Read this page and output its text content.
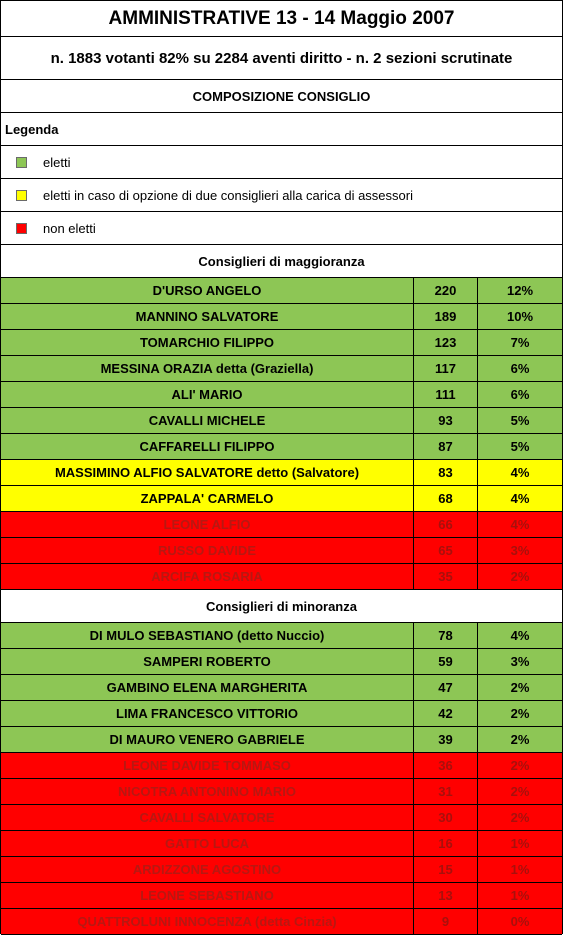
AMMINISTRATIVE 13 - 14 Maggio 2007
n. 1883 votanti 82% su 2284 aventi diritto - n. 2 sezioni scrutinate
COMPOSIZIONE CONSIGLIO
Legenda
eletti
eletti in caso di opzione di due consiglieri alla carica di assessori
non eletti
Consiglieri di maggioranza
D'URSO ANGELO	220	12%
MANNINO SALVATORE	189	10%
TOMARCHIO FILIPPO	123	7%
MESSINA ORAZIA detta (Graziella)	117	6%
ALI' MARIO	111	6%
CAVALLI MICHELE	93	5%
CAFFARELLI FILIPPO	87	5%
MASSIMINO ALFIO SALVATORE detto (Salvatore)	83	4%
ZAPPALA' CARMELO	68	4%
LEONE ALFIO	66	4%
RUSSO DAVIDE	65	3%
ARCIFA ROSARIA	35	2%
Consiglieri di minoranza
DI MULO SEBASTIANO (detto Nuccio)	78	4%
SAMPERI ROBERTO	59	3%
GAMBINO ELENA MARGHERITA	47	2%
LIMA FRANCESCO VITTORIO	42	2%
DI MAURO VENERO GABRIELE	39	2%
LEONE DAVIDE TOMMASO	36	2%
NICOTRA ANTONINO MARIO	31	2%
CAVALLI SALVATORE	30	2%
GATTO LUCA	16	1%
ARDIZZONE AGOSTINO	15	1%
LEONE SEBASTIANO	13	1%
QUATTROLUNI INNOCENZA (detta Cinzia)	9	0%
